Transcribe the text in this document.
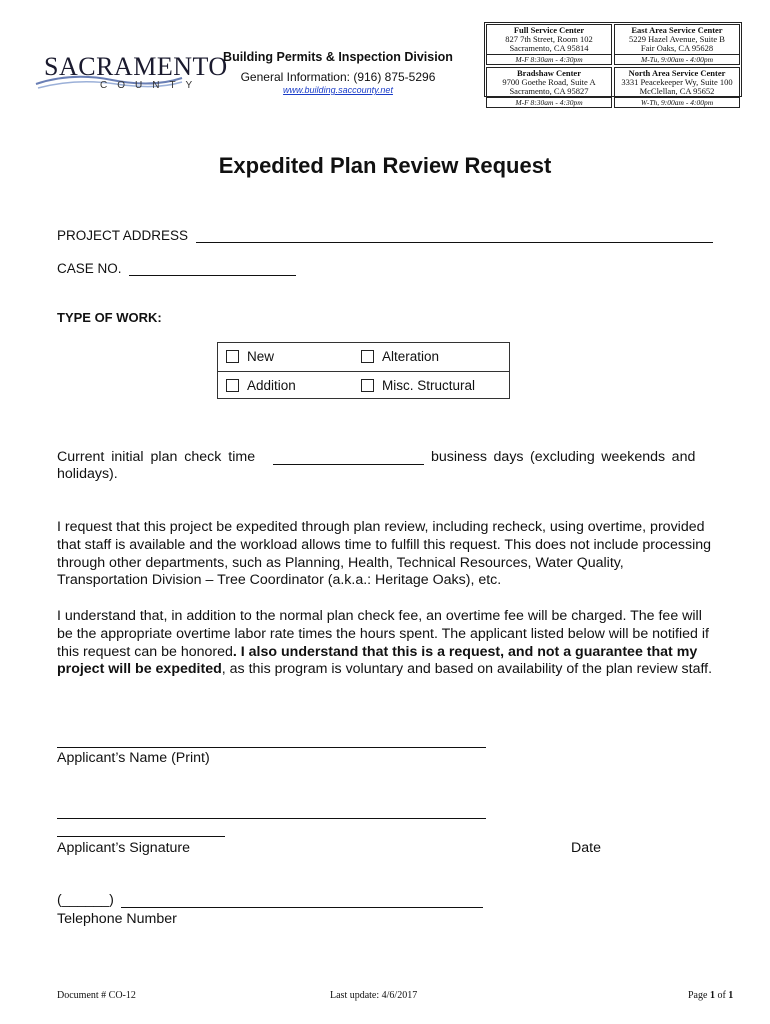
SACRAMENTO
COUNTY
Building Permits & Inspection Division
General Information: (916) 875-5296
www.building.saccounty.net
Full Service Center
827 7th Street, Room 102
Sacramento, CA 95814
M-F 8:30am - 4:30pm
East Area Service Center
5229 Hazel Avenue, Suite B
Fair Oaks, CA 95628
M-Tu, 9:00am - 4:00pm
Bradshaw Center
9700 Goethe Road, Suite A
Sacramento, CA 95827
M-F 8:30am - 4:30pm
North Area Service Center
3331 Peacekeeper Wy, Suite 100
McClellan, CA 95652
W-Th, 9:00am - 4:00pm
Expedited Plan Review Request
PROJECT ADDRESS
CASE NO.
TYPE OF WORK:
New	Alteration
Addition	Misc. Structural
Current initial plan check time	business days (excluding weekends and
holidays).
I request that this project be expedited through plan review, including recheck, using overtime, provided that staff is available and the workload allows time to fulfill this request. This does not include processing through other departments, such as Planning, Health, Technical Resources, Water Quality, Transportation Division – Tree Coordinator (a.k.a.: Heritage Oaks), etc.
I understand that, in addition to the normal plan check fee, an overtime fee will be charged. The fee will be the appropriate overtime labor rate times the hours spent. The applicant listed below will be notified if this request can be honored. I also understand that this is a request, and not a guarantee that my project will be expedited, as this program is voluntary and based on availability of the plan review staff.
Applicant’s Name (Print)
Applicant’s Signature	Date
(______)
Telephone Number
Document # CO-12	Last update: 4/6/2017	Page 1 of 1
